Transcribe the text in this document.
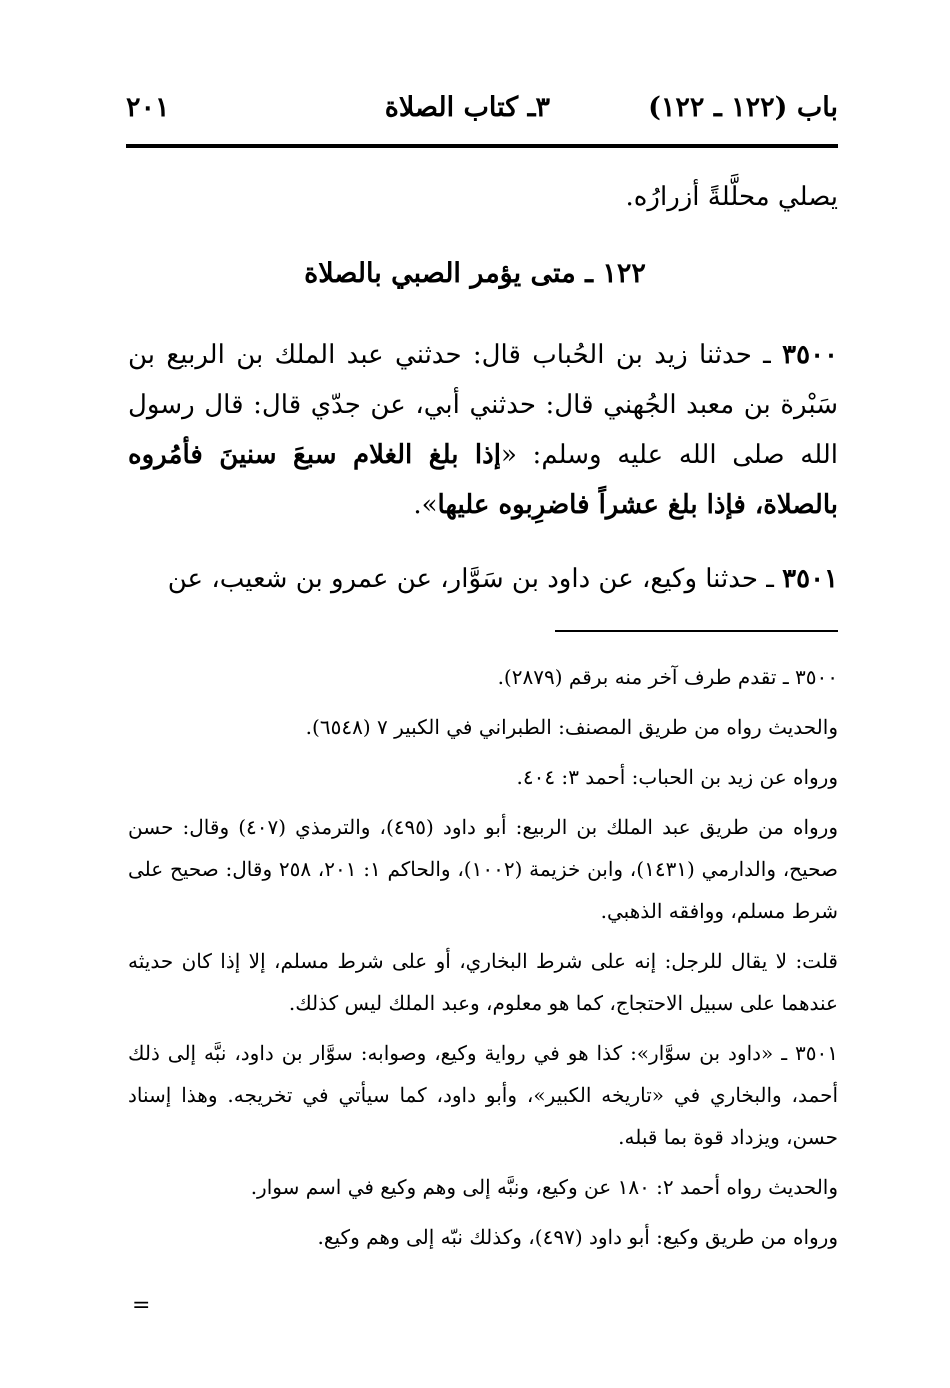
باب (١٢٢ ـ ١٢٢)
٣ـ كتاب الصلاة
٢٠١
يصلي محلَّلةً أزرارُه.
١٢٢ ـ متى يؤمر الصبي بالصلاة
٣٥٠٠ ـ حدثنا زيد بن الحُباب قال: حدثني عبد الملك بن الربيع بن سَبْرة بن معبد الجُهني قال: حدثني أبي، عن جدّي قال: قال رسول الله صلى الله عليه وسلم: «إذا بلغ الغلام سبعَ سنينَ فأمُروه بالصلاة، فإذا بلغ عشراً فاضرِبوه عليها».
٣٥٠١ ـ حدثنا وكيع، عن داود بن سَوَّار، عن عمرو بن شعيب، عن

٣٥٠٠ ـ تقدم طرف آخر منه برقم (٢٨٧٩).

والحديث رواه من طريق المصنف: الطبراني في الكبير ٧ (٦٥٤٨).

ورواه عن زيد بن الحباب: أحمد ٣: ٤٠٤.

ورواه من طريق عبد الملك بن الربيع: أبو داود (٤٩٥)، والترمذي (٤٠٧) وقال: حسن صحيح، والدارمي (١٤٣١)، وابن خزيمة (١٠٠٢)، والحاكم ١: ٢٠١، ٢٥٨ وقال: صحيح على شرط مسلم، ووافقه الذهبي.

قلت: لا يقال للرجل: إنه على شرط البخاري، أو على شرط مسلم، إلا إذا كان حديثه عندهما على سبيل الاحتجاج، كما هو معلوم، وعبد الملك ليس كذلك.

٣٥٠١ ـ «داود بن سوَّار»: كذا هو في رواية وكيع، وصوابه: سوَّار بن داود، نبَّه إلى ذلك أحمد، والبخاري في «تاريخه الكبير»، وأبو داود، كما سيأتي في تخريجه. وهذا إسناد حسن، ويزداد قوة بما قبله.

والحديث رواه أحمد ٢: ١٨٠ عن وكيع، ونبَّه إلى وهم وكيع في اسم سوار.

ورواه من طريق وكيع: أبو داود (٤٩٧)، وكذلك نبّه إلى وهم وكيع.

=
